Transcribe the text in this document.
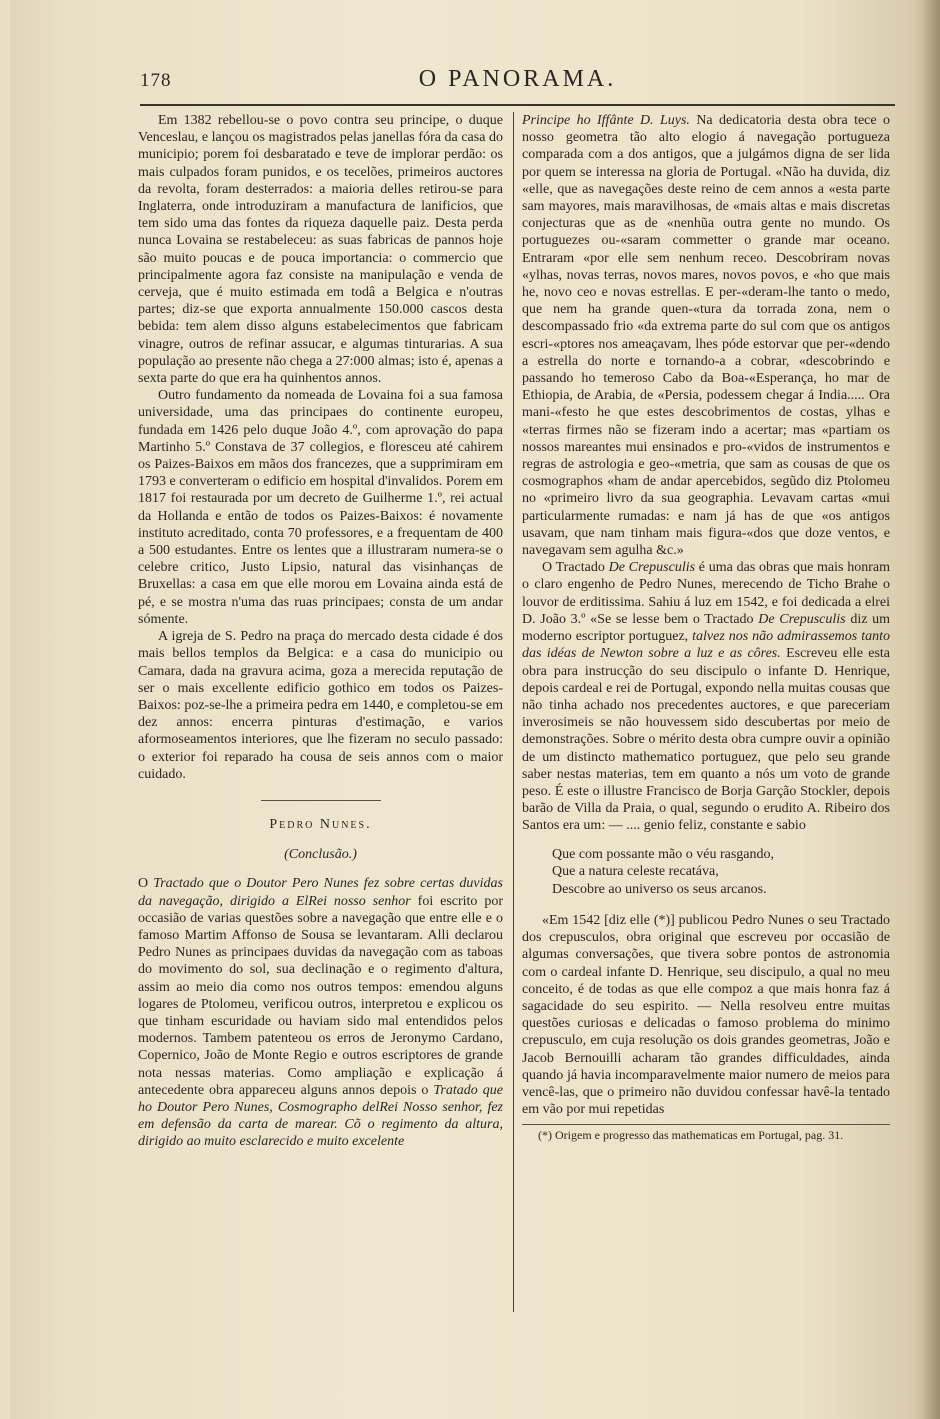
178	O PANORAMA.

Em 1382 rebellou-se o povo contra seu principe, o duque Venceslau, e lançou os magistrados pelas janellas fóra da casa do municipio; porem foi desbaratado e teve de implorar perdão: os mais culpados foram punidos, e os tecelões, primeiros auctores da revolta, foram desterrados: a maioria delles retirou-se para Inglaterra, onde introduziram a manufactura de lanificios, que tem sido uma das fontes da riqueza daquelle paiz. Desta perda nunca Lovaina se restabeleceu: as suas fabricas de pannos hoje são muito poucas e de pouca importancia: o commercio que principalmente agora faz consiste na manipulação e venda de cerveja, que é muito estimada em todâ a Belgica e n'outras partes; diz-se que exporta annualmente 150.000 cascos desta bebida: tem alem disso alguns estabelecimentos que fabricam vinagre, outros de refinar assucar, e algumas tinturarias. A sua população ao presente não chega a 27:000 almas; isto é, apenas a sexta parte do que era ha quinhentos annos.

Outro fundamento da nomeada de Lovaina foi a sua famosa universidade, uma das principaes do continente europeu, fundada em 1426 pelo duque João 4.º, com aprovação do papa Martinho 5.º Constava de 37 collegios, e floresceu até cahirem os Paizes-Baixos em mãos dos francezes, que a supprimiram em 1793 e converteram o edificio em hospital d'invalidos. Porem em 1817 foi restaurada por um decreto de Guilherme 1.º, rei actual da Hollanda e então de todos os Paizes-Baixos: é novamente instituto acreditado, conta 70 professores, e a frequentam de 400 a 500 estudantes. Entre os lentes que a illustraram numera-se o celebre critico, Justo Lipsio, natural das visinhanças de Bruxellas: a casa em que elle morou em Lovaina ainda está de pé, e se mostra n'uma das ruas principaes; consta de um andar sómente.

A igreja de S. Pedro na praça do mercado desta cidade é dos mais bellos templos da Belgica: e a casa do municipio ou Camara, dada na gravura acima, goza a merecida reputação de ser o mais excellente edificio gothico em todos os Paizes-Baixos: poz-se-lhe a primeira pedra em 1440, e completou-se em dez annos: encerra pinturas d'estimação, e varios aformoseamentos interiores, que lhe fizeram no seculo passado: o exterior foi reparado ha cousa de seis annos com o maior cuidado.

Pedro Nunes.
(Conclusão.)

O Tractado que o Doutor Pero Nunes fez sobre certas duvidas da navegação, dirigido a ElRei nosso senhor foi escrito por occasião de varias questões sobre a navegação que entre elle e o famoso Martim Affonso de Sousa se levantaram. Alli declarou Pedro Nunes as principaes duvidas da navegação com as taboas do movimento do sol, sua declinação e o regimento d'altura, assim ao meio dia como nos outros tempos: emendou alguns logares de Ptolomeu, verificou outros, interpretou e explicou os que tinham escuridade ou haviam sido mal entendidos pelos modernos. Tambem patenteou os erros de Jeronymo Cardano, Copernico, João de Monte Regio e outros escriptores de grande nota nessas materias. Como ampliação e explicação á antecedente obra appareceu alguns annos depois o Tratado que ho Doutor Pero Nunes, Cosmographo delRei Nosso senhor, fez em defensão da carta de marear. Cõ o regimento da altura, dirigido ao muito esclarecido e muito excelente

Principe ho Iffânte D. Luys. Na dedicatoria desta obra tece o nosso geometra tão alto elogio á navegação portugueza comparada com a dos antigos, que a julgámos digna de ser lida por quem se interessa na gloria de Portugal. «Não ha duvida, diz «elle, que as navegações deste reino de cem annos a «esta parte sam mayores, mais maravilhosas, de «mais altas e mais discretas conjecturas que as de «nenhũa outra gente no mundo. Os portuguezes ou-«saram commetter o grande mar oceano. Entraram «por elle sem nenhum receo. Descobriram novas «ylhas, novas terras, novos mares, novos povos, e «ho que mais he, novo ceo e novas estrellas. E per-«deram-lhe tanto o medo, que nem ha grande quen-«tura da torrada zona, nem o descompassado frio «da extrema parte do sul com que os antigos escri-«ptores nos ameaçavam, lhes póde estorvar que per-«dendo a estrella do norte e tornando-a a cobrar, «descobrindo e passando ho temeroso Cabo da Boa-«Esperança, ho mar de Ethiopia, de Arabia, de «Persia, podessem chegar á India..... Ora mani-«festo he que estes descobrimentos de costas, ylhas e «terras firmes não se fizeram indo a acertar; mas «partiam os nossos mareantes mui ensinados e pro-«vidos de instrumentos e regras de astrologia e geo-«metria, que sam as cousas de que os cosmographos «ham de andar apercebidos, segũdo diz Ptolomeu no «primeiro livro da sua geographia. Levavam cartas «mui particularmente rumadas: e nam já has de que «os antigos usavam, que nam tinham mais figura-«dos que doze ventos, e navegavam sem agulha &c.»

O Tractado De Crepusculis é uma das obras que mais honram o claro engenho de Pedro Nunes, merecendo de Ticho Brahe o louvor de erditissima. Sahiu á luz em 1542, e foi dedicada a elrei D. João 3.º «Se se lesse bem o Tractado De Crepusculis diz um moderno escriptor portuguez, talvez nos não admirassemos tanto das idéas de Newton sobre a luz e as côres. Escreveu elle esta obra para instrucção do seu discipulo o infante D. Henrique, depois cardeal e rei de Portugal, expondo nella muitas cousas que não tinha achado nos precedentes auctores, e que pareceriam inverosimeis se não houvessem sido descubertas por meio de demonstrações. Sobre o mérito desta obra cumpre ouvir a opinião de um distincto mathematico portuguez, que pelo seu grande saber nestas materias, tem em quanto a nós um voto de grande peso. É este o illustre Francisco de Borja Garção Stockler, depois barão de Villa da Praia, o qual, segundo o erudito A. Ribeiro dos Santos era um: — .... genio feliz, constante e sabio

Que com possante mão o véu rasgando,
Que a natura celeste recatáva,
Descobre ao universo os seus arcanos.

«Em 1542 [diz elle (*)] publicou Pedro Nunes o seu Tractado dos crepusculos, obra original que escreveu por occasião de algumas conversações, que tivera sobre pontos de astronomia com o cardeal infante D. Henrique, seu discipulo, a qual no meu conceito, é de todas as que elle compoz a que mais honra faz á sagacidade do seu espirito. — Nella resolveu entre muitas questões curiosas e delicadas o famoso problema do minimo crepusculo, em cuja resolução os dois grandes geometras, João e Jacob Bernouilli acharam tão grandes difficuldades, ainda quando já havia incomparavelmente maior numero de meios para vencê-las, que o primeiro não duvidou confessar havê-la tentado em vão por mui repetidas

(*) Origem e progresso das mathematicas em Portugal, pag. 31.
